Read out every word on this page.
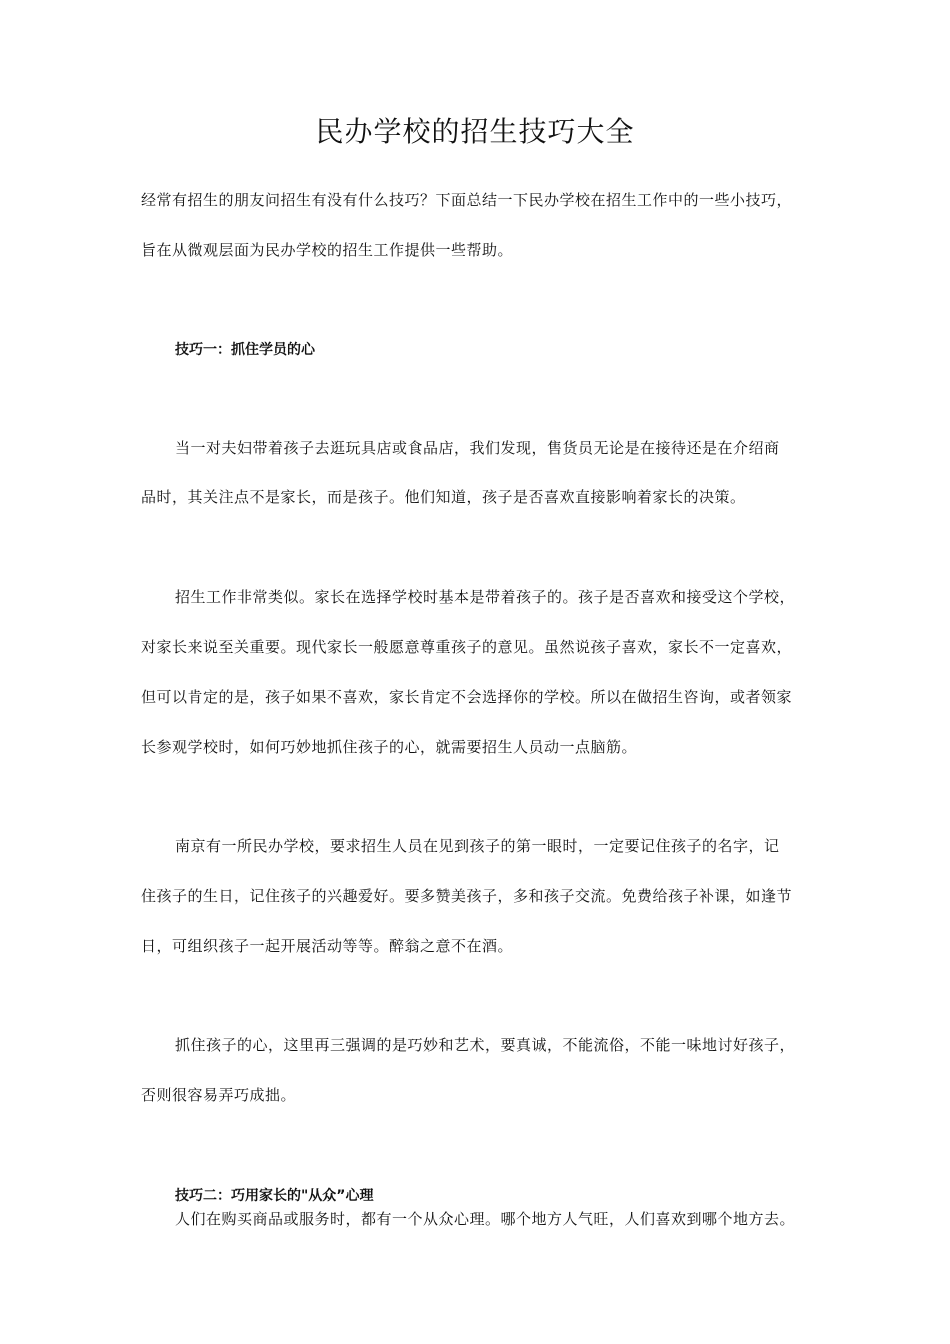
民办学校的招生技巧大全
经常有招生的朋友问招生有没有什么技巧？下面总结一下民办学校在招生工作中的一些小技巧，
旨在从微观层面为民办学校的招生工作提供一些帮助。
技巧一：抓住学员的心
当一对夫妇带着孩子去逛玩具店或食品店，我们发现，售货员无论是在接待还是在介绍商
品时，其关注点不是家长，而是孩子。他们知道，孩子是否喜欢直接影响着家长的决策。
招生工作非常类似。家长在选择学校时基本是带着孩子的。孩子是否喜欢和接受这个学校，
对家长来说至关重要。现代家长一般愿意尊重孩子的意见。虽然说孩子喜欢，家长不一定喜欢，
但可以肯定的是，孩子如果不喜欢，家长肯定不会选择你的学校。所以在做招生咨询，或者领家
长参观学校时，如何巧妙地抓住孩子的心，就需要招生人员动一点脑筋。
南京有一所民办学校，要求招生人员在见到孩子的第一眼时，一定要记住孩子的名字，记
住孩子的生日，记住孩子的兴趣爱好。要多赞美孩子，多和孩子交流。免费给孩子补课，如逢节
日，可组织孩子一起开展活动等等。醉翁之意不在酒。
抓住孩子的心，这里再三强调的是巧妙和艺术，要真诚，不能流俗，不能一味地讨好孩子，
否则很容易弄巧成拙。
技巧二：巧用家长的"从众”心理
人们在购买商品或服务时，都有一个从众心理。哪个地方人气旺，人们喜欢到哪个地方去。
